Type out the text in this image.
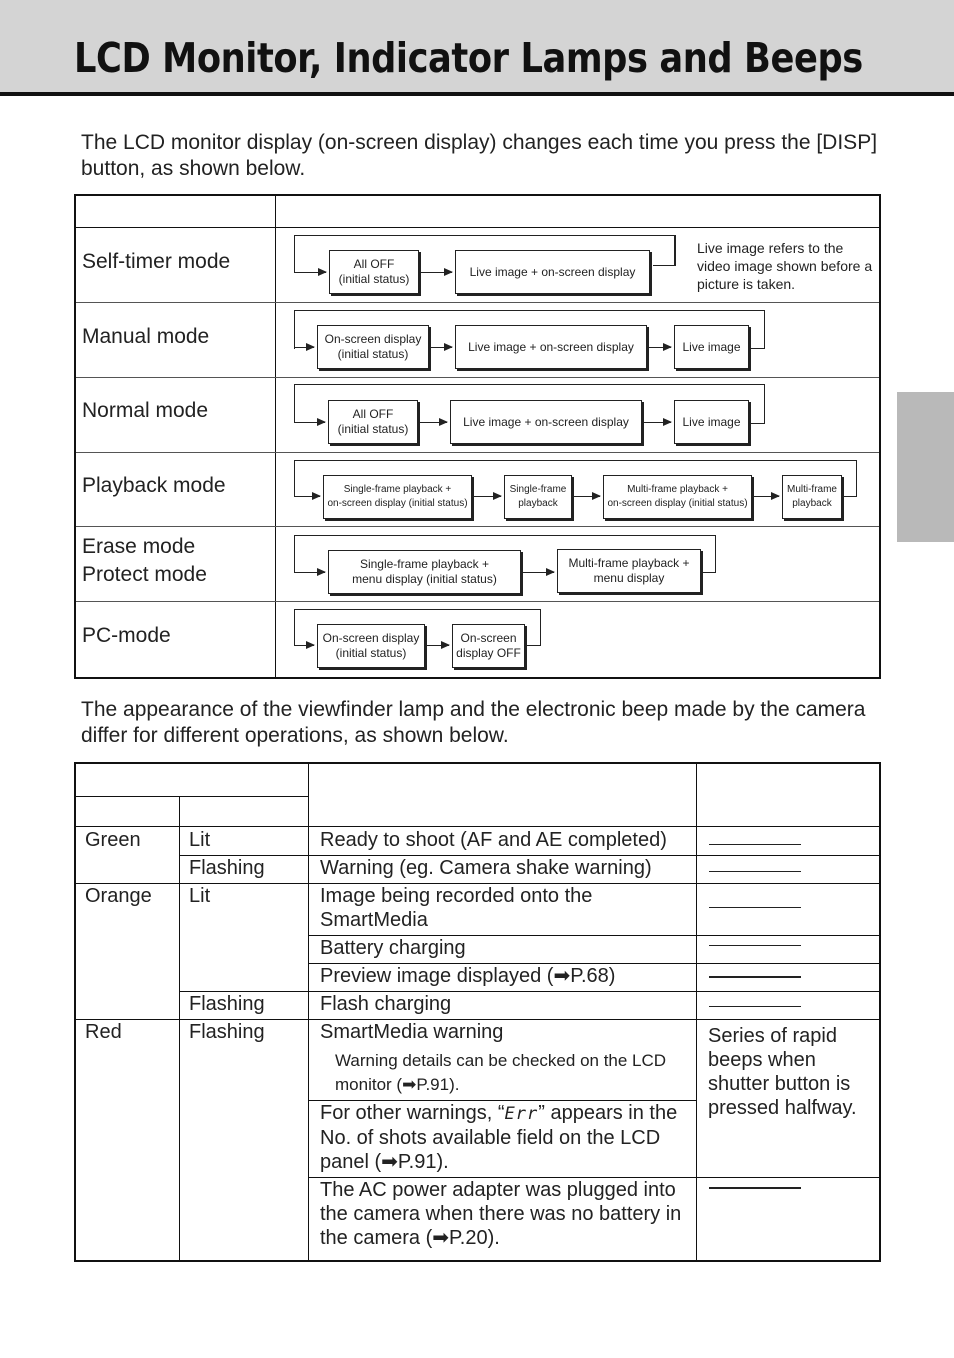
LCD Monitor, Indicator Lamps and Beeps

The LCD monitor display (on-screen display) changes each time you press the [DISP] button, as shown below.

Self-timer mode
Manual mode
Normal mode
Playback mode
Erase mode
Protect mode
PC-mode
All OFF
(initial status)
Live image + on-screen display
Live image refers to the video image shown before a picture is taken.
On-screen display
(initial status)
Live image + on-screen display	Live image
All OFF
(initial status)
Live image + on-screen display	Live image
Single-frame playback +
on-screen display (initial status)
Single-frame
playback
Multi-frame playback +
on-screen display (initial status)
Multi-frame
playback
Single-frame playback +
menu display (initial status)
Multi-frame playback +
menu display
On-screen display
(initial status)
On-screen
display OFF

The appearance of the viewfinder lamp and the electronic beep made by the camera differ for different operations, as shown below.

Green
Orange
Red
Lit
Flashing
Lit
Flashing
Flashing
Ready to shoot (AF and AE completed)
Warning (eg. Camera shake warning)
Image being recorded onto the SmartMedia
Battery charging
Preview image displayed (➡P.68)
Flash charging
SmartMedia warning
Warning details can be checked on the LCD monitor (➡P.91).
For other warnings, “Err” appears in the No. of shots available field on the LCD panel (➡P.91).
The AC power adapter was plugged into the camera when there was no battery in the camera (➡P.20).
Series of rapid beeps when shutter button is pressed halfway.
